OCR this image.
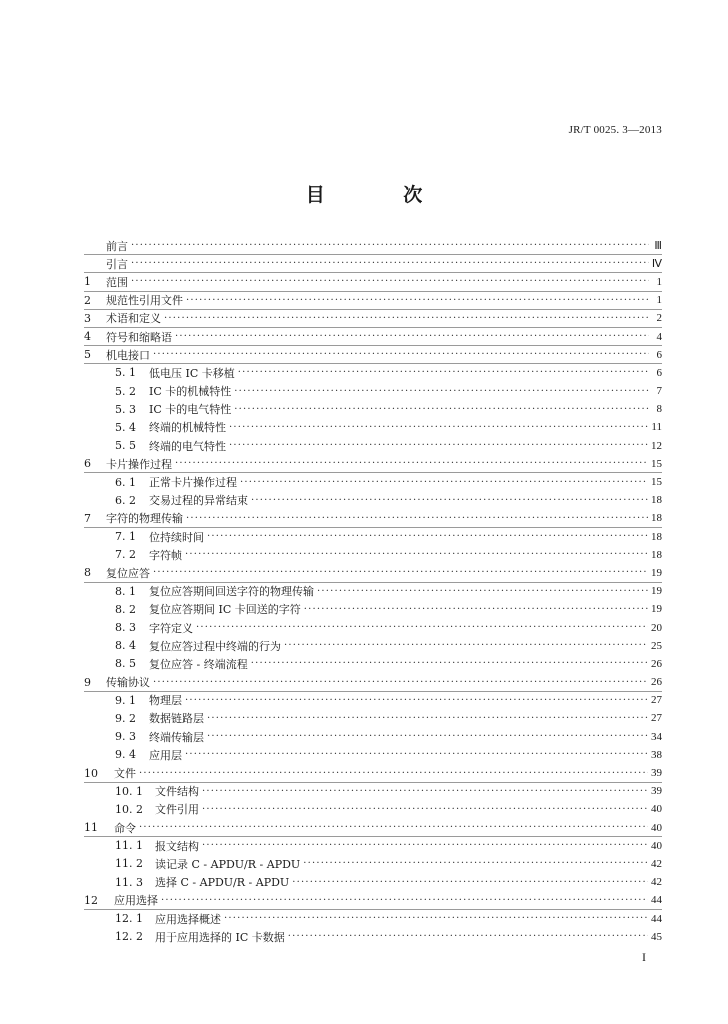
JR/T 0025. 3—2013
目 次
前言 ·····	Ⅲ
引言 ·····	Ⅳ
1	范围 ·····	1
2	规范性引用文件 ·····	1
3	术语和定义 ·····	2
4	符号和缩略语 ·····	4
5	机电接口 ·····	6
5. 1	低电压 IC 卡移植 ·····	6
5. 2	IC 卡的机械特性 ·····	7
5. 3	IC 卡的电气特性 ·····	8
5. 4	终端的机械特性 ·····	11
5. 5	终端的电气特性 ·····	12
6	卡片操作过程 ·····	15
6. 1	正常卡片操作过程 ·····	15
6. 2	交易过程的异常结束 ·····	18
7	字符的物理传输 ·····	18
7. 1	位持续时间 ·····	18
7. 2	字符帧 ·····	18
8	复位应答 ·····	19
8. 1	复位应答期间回送字符的物理传输 ·····	19
8. 2	复位应答期间 IC 卡回送的字符 ·····	19
8. 3	字符定义 ·····	20
8. 4	复位应答过程中终端的行为 ·····	25
8. 5	复位应答 - 终端流程 ·····	26
9	传输协议 ·····	26
9. 1	物理层 ·····	27
9. 2	数据链路层 ·····	27
9. 3	终端传输层 ·····	34
9. 4	应用层 ·····	38
10	文件 ·····	39
10. 1	文件结构 ·····	39
10. 2	文件引用 ·····	40
11	命令 ·····	40
11. 1	报文结构 ·····	40
11. 2	读记录 C - APDU/R - APDU ·····	42
11. 3	选择 C - APDU/R - APDU ·····	42
12	应用选择 ·····	44
12. 1	应用选择概述 ·····	44
12. 2	用于应用选择的 IC 卡数据 ·····	45
I
